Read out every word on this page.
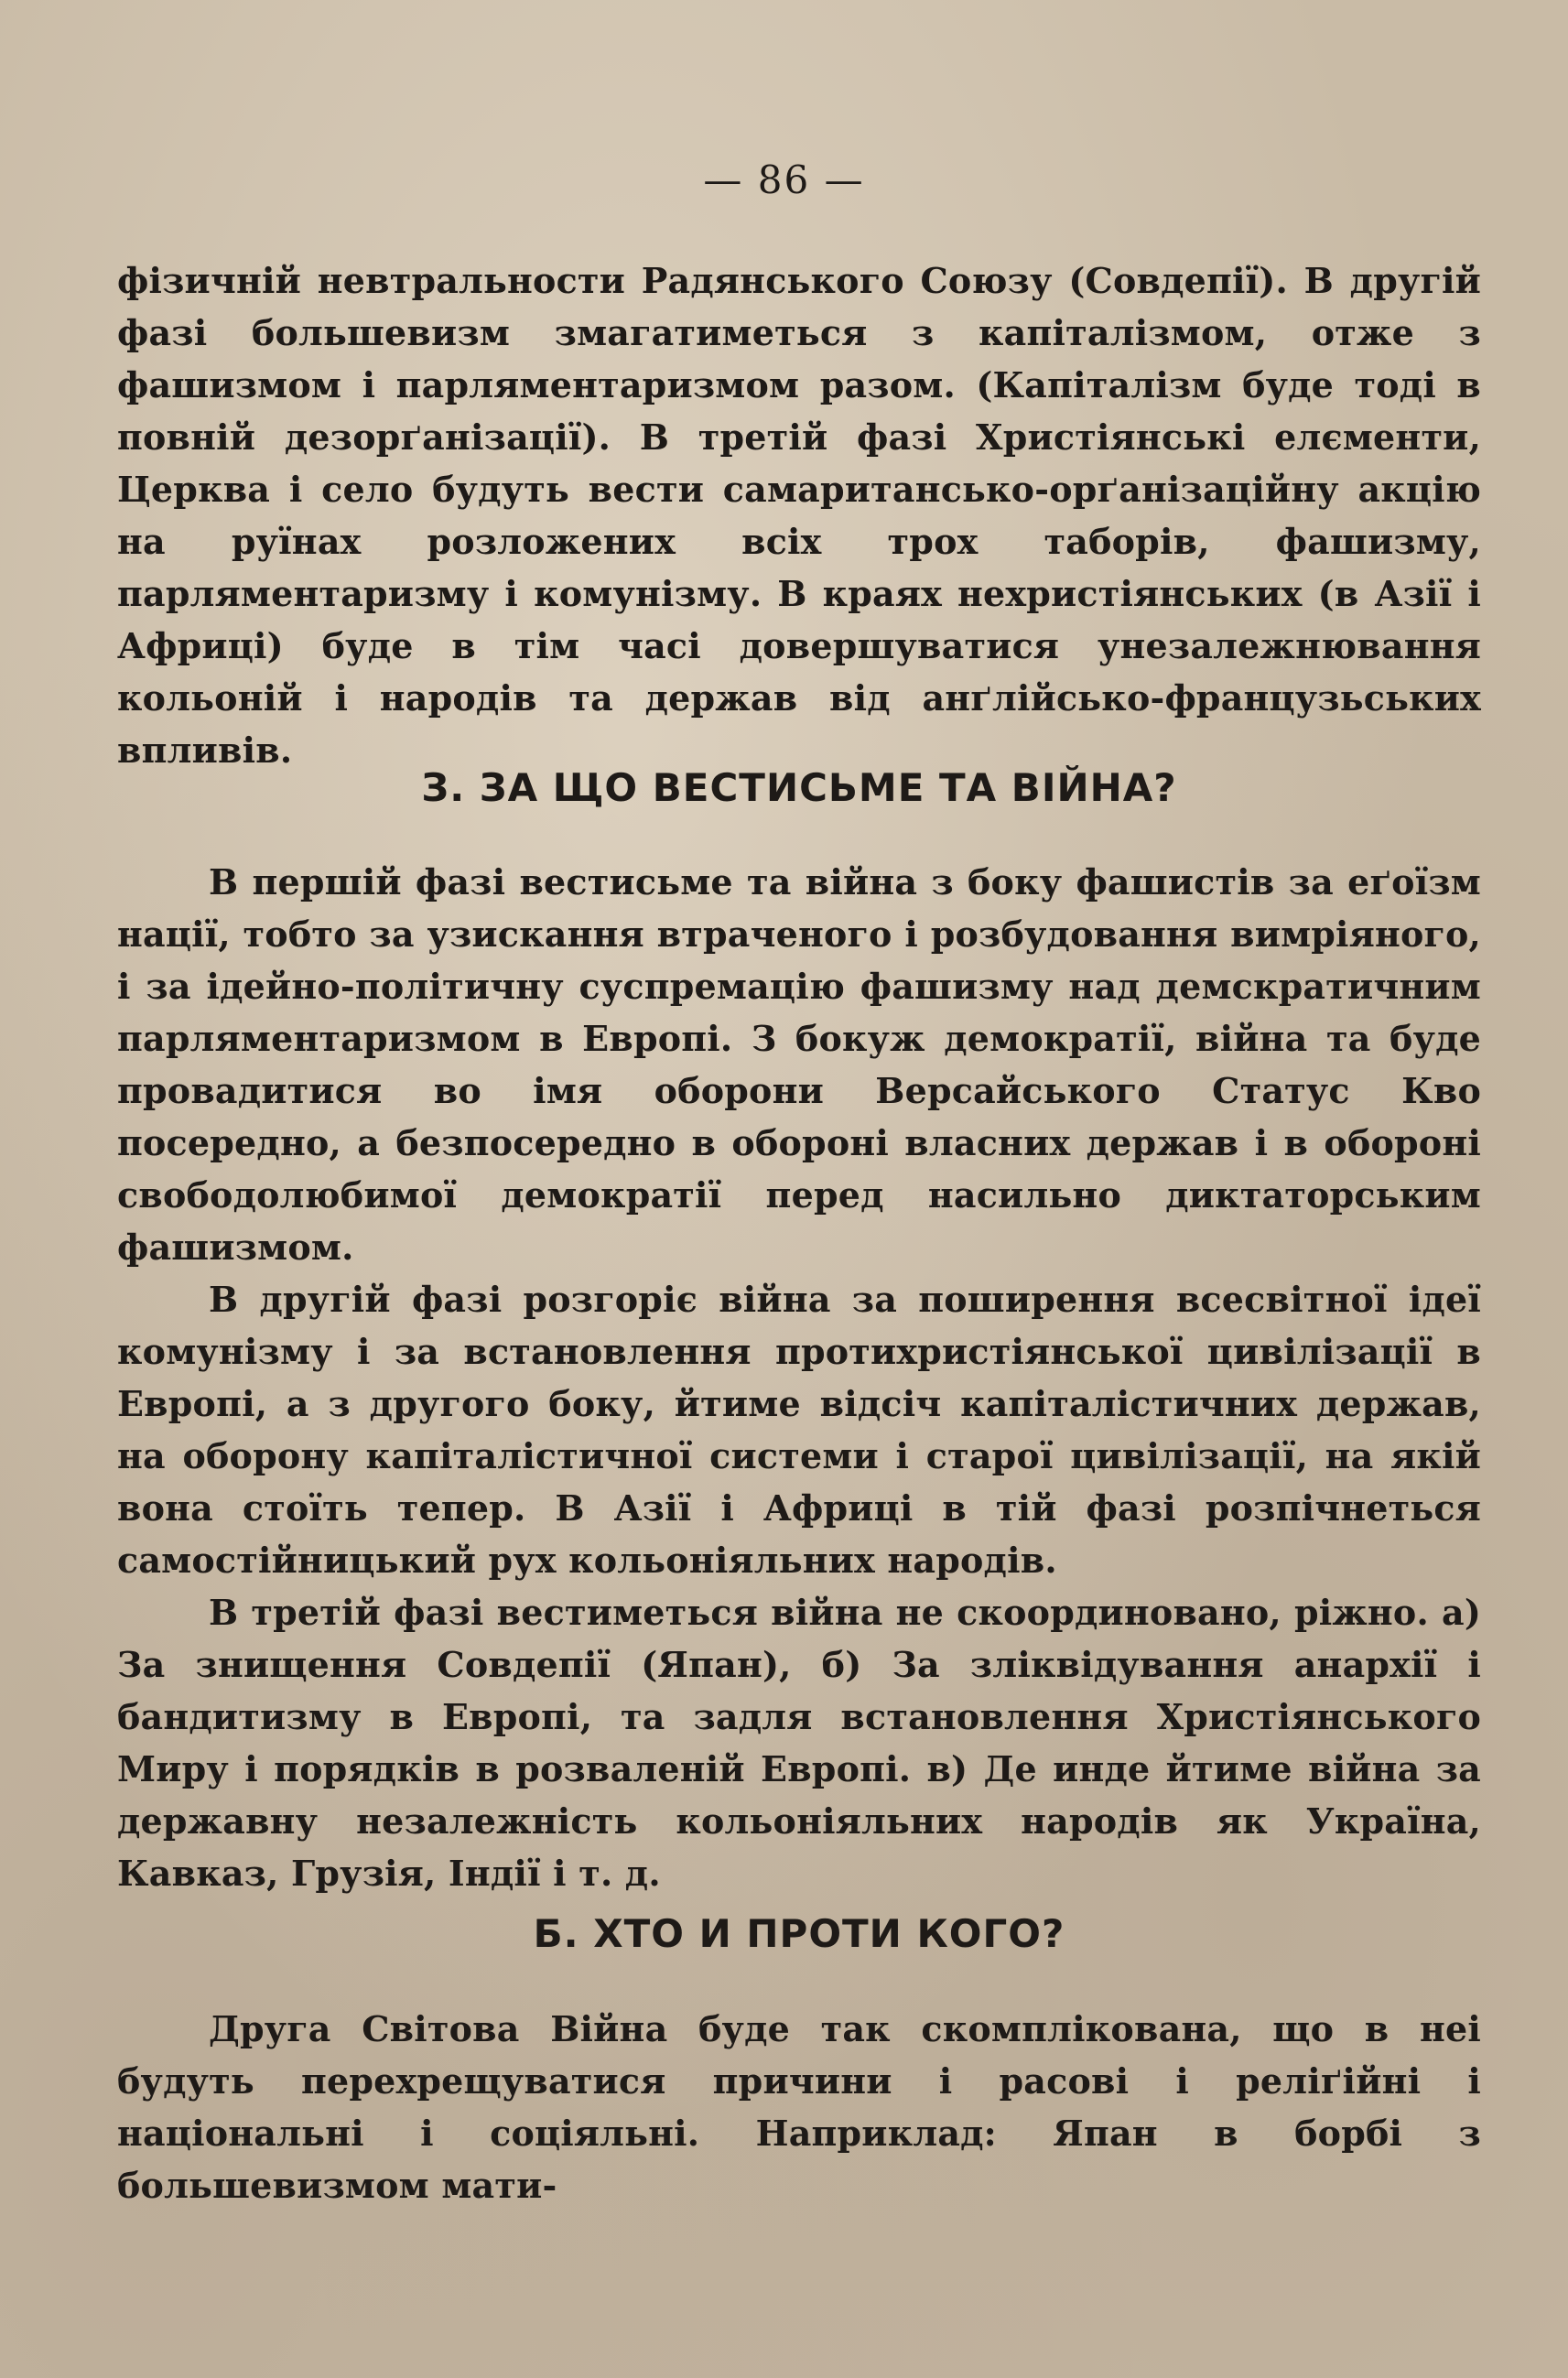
— 86 —

фізичній невтральности Радянського Союзу (Совдепії). В другій фазі большевизм змагатиметься з капіталізмом, отже з фашизмом і парляментаризмом разом. (Капіталізм буде тоді в повній дезорґанізації). В третій фазі Христіянські елєменти, Церква і село будуть вести самаритансько-орґанізаційну акцію на руїнах розложених всіх трох таборів, фашизму, парляментаризму і комунізму. В краях нехристіянських (в Азії і Африці) буде в тім часі довершуватися унезалежнювання кольоній і народів та держав від анґлійсько-французьських впливів.

З. ЗА ЩО ВЕСТИСЬМЕ ТА ВІЙНА?

В першій фазі вестисьме та війна з боку фашистів за еґоїзм нації, тобто за узискання втраченого і розбудовання вимріяного, і за ідейно-політичну суспремацію фашизму над демскратичним парляментаризмом в Европі. З бокуж демократії, війна та буде провадитися во імя оборони Версайського Статус Кво посередно, а безпосередно в обороні власних держав і в обороні свободолюбимої демократії перед насильно диктаторським фашизмом.

В другій фазі розгоріє війна за поширення всесвітної ідеї комунізму і за встановлення протихристіянської цивілізації в Европі, а з другого боку, йтиме відсіч капіталістичних держав, на оборону капіталістичної системи і старої цивілізації, на якій вона стоїть тепер. В Азії і Африці в тій фазі розпічнеться самостійницький рух кольоніяльних народів.

В третій фазі вестиметься війна не скоординовано, ріжно. а) За знищення Совдепії (Япан), б) За зліквідування анархії і бандитизму в Европі, та задля встановлення Христіянського Миру і порядків в розваленій Европі. в) Де инде йтиме війна за державну незалежність кольоніяльних народів як Україна, Кавказ, Грузія, Індії і т. д.

Б. ХТО И ПРОТИ КОГО?

Друга Світова Війна буде так скомплікована, що в неі будуть перехрещуватися причини і расові і реліґійні і національні і соціяльні. Наприклад: Япан в борбі з большевизмом мати-
